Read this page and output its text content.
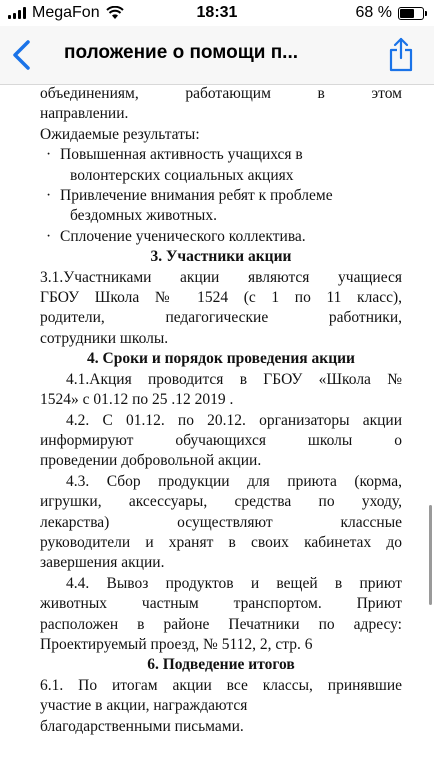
MegaFon	18:31	68 %
положение о помощи п...

объединениям, работающим в этом

направлении.

Ожидаемые результаты:

· Повышенная активность учащихся в
волонтерских социальных акциях

· Привлечение внимания ребят к проблеме
бездомных животных.

· Сплочение ученического коллектива.

3. Участники акции

3.1.Участниками акции являются учащиеся

ГБОУ Школа № 1524 (с 1 по 11 класс),

родители, педагогические работники,

сотрудники школы.

4. Сроки и порядок проведения акции

4.1.Акция проводится в ГБОУ «Школа №

1524» с 01.12 по 25 .12 2019 .

4.2. С 01.12. по 20.12. организаторы акции

информируют обучающихся школы о

проведении добровольной акции.

4.3. Сбор продукции для приюта (корма,

игрушки, аксессуары, средства по уходу,

лекарства) осуществляют классные

руководители и хранят в своих кабинетах до

завершения акции.

4.4. Вывоз продуктов и вещей в приют

животных частным транспортом. Приют

расположен в районе Печатники по адресу:

Проектируемый проезд, № 5112, 2, стр. 6

6. Подведение итогов

6.1. По итогам акции все классы, принявшие

участие в акции, награждаются

благодарственными письмами.
